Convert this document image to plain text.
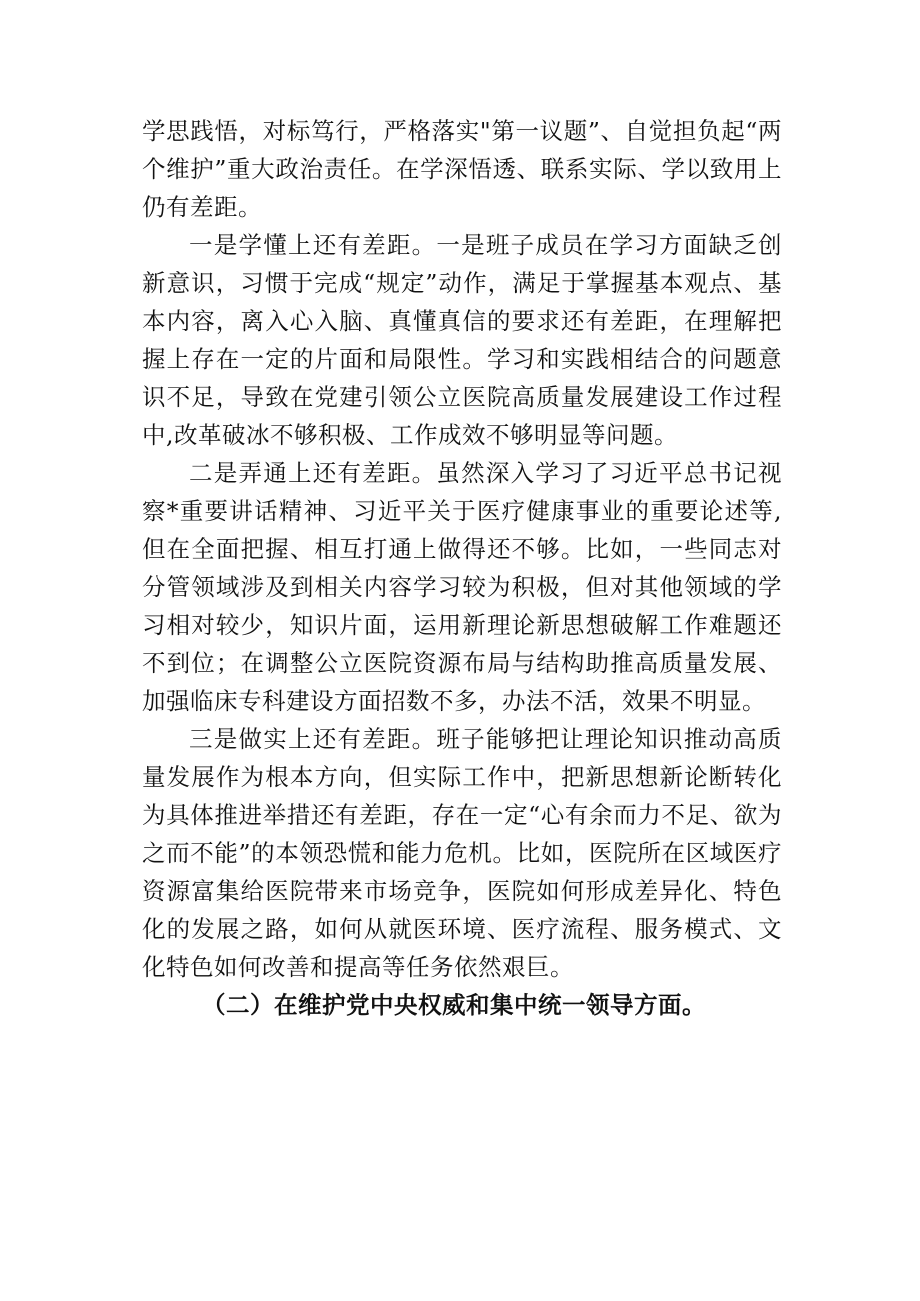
学思践悟，对标笃行，严格落实"第一议题”、自觉担负起“两个维护”重大政治责任。在学深悟透、联系实际、学以致用上仍有差距。

一是学懂上还有差距。一是班子成员在学习方面缺乏创新意识，习惯于完成“规定”动作，满足于掌握基本观点、基本内容，离入心入脑、真懂真信的要求还有差距，在理解把握上存在一定的片面和局限性。学习和实践相结合的问题意识不足，导致在党建引领公立医院高质量发展建设工作过程中,改革破冰不够积极、工作成效不够明显等问题。

二是弄通上还有差距。虽然深入学习了习近平总书记视察*重要讲话精神、习近平关于医疗健康事业的重要论述等,但在全面把握、相互打通上做得还不够。比如，一些同志对分管领域涉及到相关内容学习较为积极，但对其他领域的学习相对较少，知识片面，运用新理论新思想破解工作难题还不到位；在调整公立医院资源布局与结构助推高质量发展、加强临床专科建设方面招数不多，办法不活，效果不明显。

三是做实上还有差距。班子能够把让理论知识推动高质量发展作为根本方向，但实际工作中，把新思想新论断转化为具体推进举措还有差距，存在一定“心有余而力不足、欲为之而不能”的本领恐慌和能力危机。比如，医院所在区域医疗资源富集给医院带来市场竞争，医院如何形成差异化、特色化的发展之路，如何从就医环境、医疗流程、服务模式、文化特色如何改善和提高等任务依然艰巨。

（二）在维护党中央权威和集中统一领导方面。
